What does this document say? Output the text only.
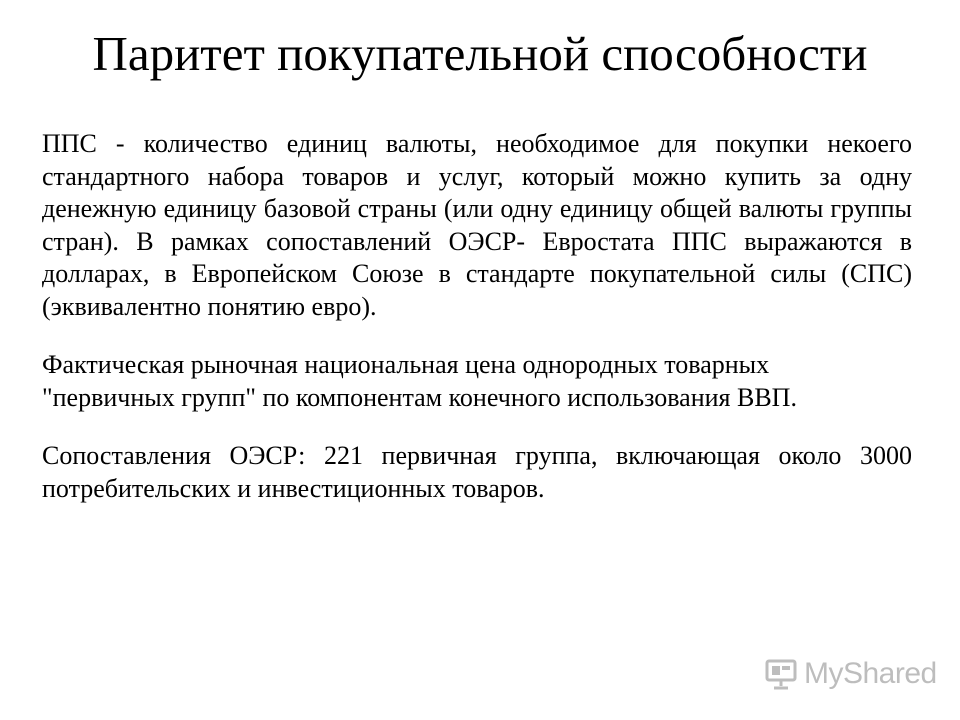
Паритет покупательной способности

ППС - количество единиц валюты, необходимое для покупки некоего стандартного набора товаров и услуг, который можно купить за одну денежную единицу базовой страны (или одну единицу общей валюты группы стран). В рамках сопоставлений ОЭСР- Евростата ППС выражаются в долларах, в Европейском Союзе в стандарте покупательной силы (СПС) (эквивалентно понятию евро).

Фактическая рыночная национальная цена однородных товарных "первичных групп" по компонентам конечного использования ВВП.

Сопоставления ОЭСР: 221 первичная группа, включающая около 3000 потребительских и инвестиционных товаров.

MyShared
